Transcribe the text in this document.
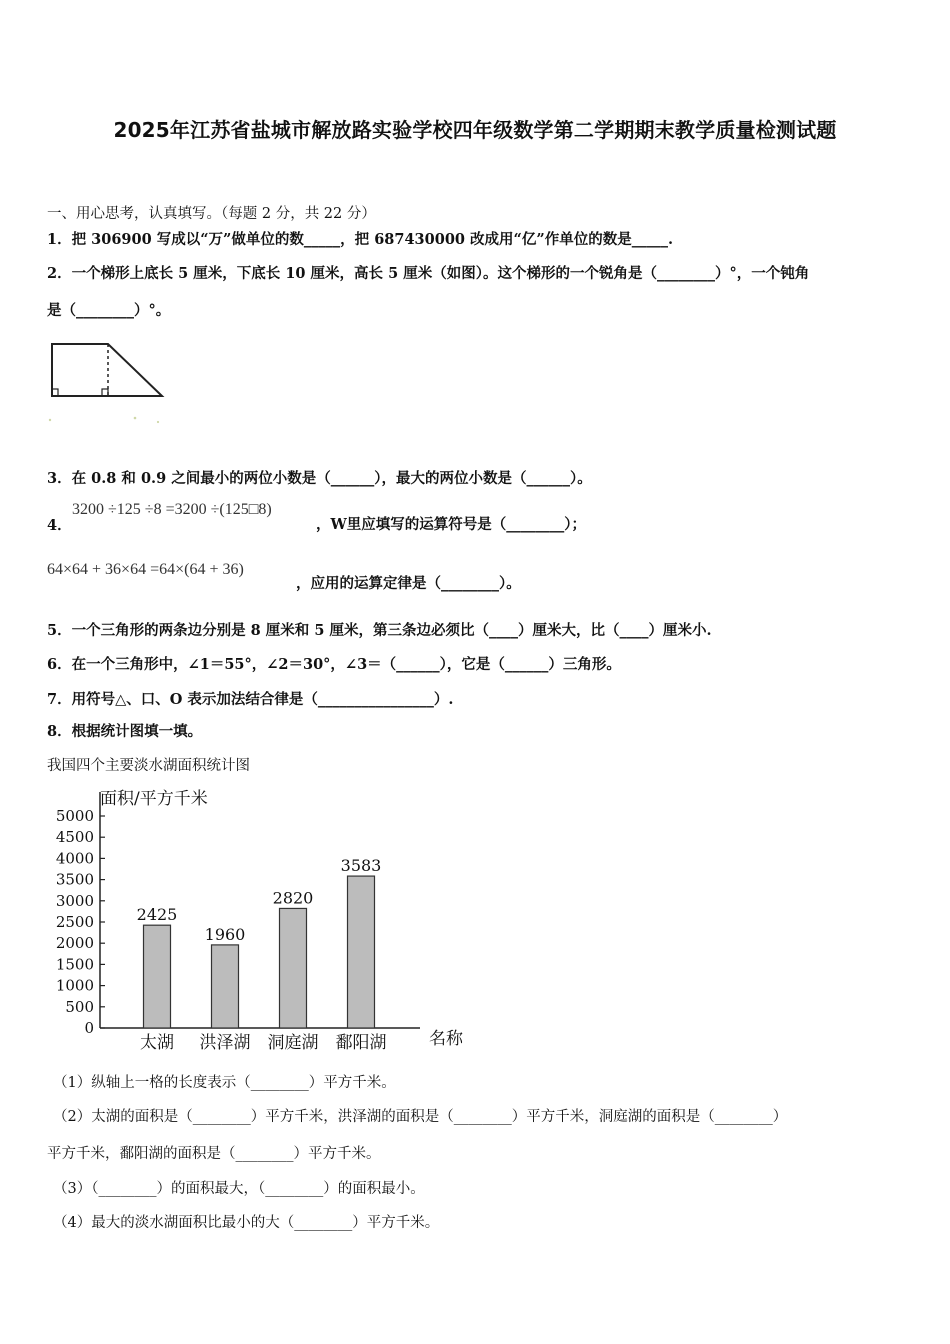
2025年江苏省盐城市解放路实验学校四年级数学第二学期期末教学质量检测试题
一、用心思考，认真填写。（每题 2 分，共 22 分）
1．把 306900 写成以“万”做单位的数_____，把 687430000 改成用“亿”作单位的数是_____.
2．一个梯形上底长 5 厘米，下底长 10 厘米，高长 5 厘米（如图）。这个梯形的一个锐角是（________）°，一个钝角
是（________）°。
3．在 0.8 和 0.9 之间最小的两位小数是（______），最大的两位小数是（______）。
4．
3200 ÷125 ÷8 =3200 ÷(125□8)
，W里应填写的运算符号是（________）；
64×64 + 36×64 =64×(64 + 36)
，应用的运算定律是（________）。
5．一个三角形的两条边分别是 8 厘米和 5 厘米，第三条边必须比（____）厘米大，比（____）厘米小.
6．在一个三角形中，∠1＝55°，∠2＝30°，∠3＝（______），它是（______）三角形。
7．用符号△、口、O 表示加法结合律是（________________）.
8．根据统计图填一填。
我国四个主要淡水湖面积统计图
面积/平方千米
名称
0
500
1000
1500
2000
2500
3000
3500
4000
4500
5000
2425
太湖
1960
洪泽湖
2820
洞庭湖
3583
鄱阳湖
（1）纵轴上一格的长度表示（________）平方千米。
（2）太湖的面积是（________）平方千米，洪泽湖的面积是（________）平方千米，洞庭湖的面积是（________）
平方千米，鄱阳湖的面积是（________）平方千米。
（3）（________）的面积最大，（________）的面积最小。
（4）最大的淡水湖面积比最小的大（________）平方千米。
